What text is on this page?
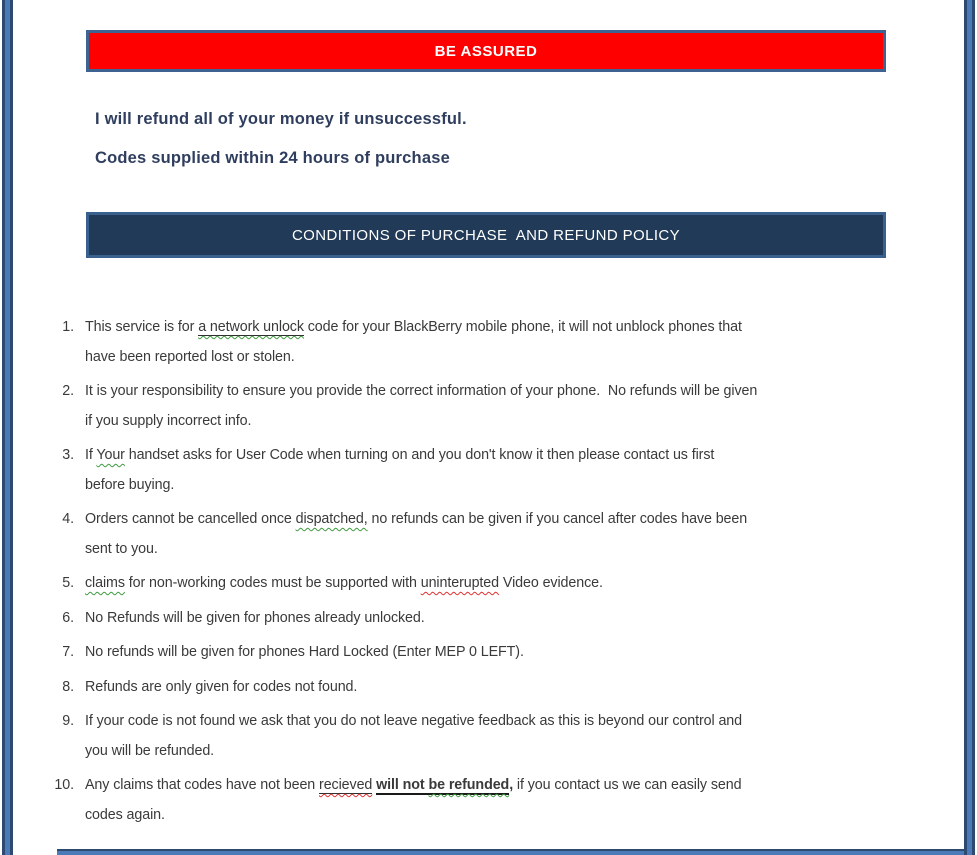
BE ASSURED
I will refund all of your money if unsuccessful.
Codes supplied within 24 hours of purchase
CONDITIONS OF PURCHASE  AND REFUND POLICY
1. This service is for a network unlock code for your BlackBerry mobile phone, it will not unblock phones that
have been reported lost or stolen.
2. It is your responsibility to ensure you provide the correct information of your phone.  No refunds will be given
if you supply incorrect info.
3. If Your handset asks for User Code when turning on and you don't know it then please contact us first
before buying.
4. Orders cannot be cancelled once dispatched, no refunds can be given if you cancel after codes have been
sent to you.
5. claims for non-working codes must be supported with uninterupted Video evidence.
6. No Refunds will be given for phones already unlocked.
7. No refunds will be given for phones Hard Locked (Enter MEP 0 LEFT).
8. Refunds are only given for codes not found.
9. If your code is not found we ask that you do not leave negative feedback as this is beyond our control and
you will be refunded.
10. Any claims that codes have not been recieved will not be refunded, if you contact us we can easily send
codes again.
